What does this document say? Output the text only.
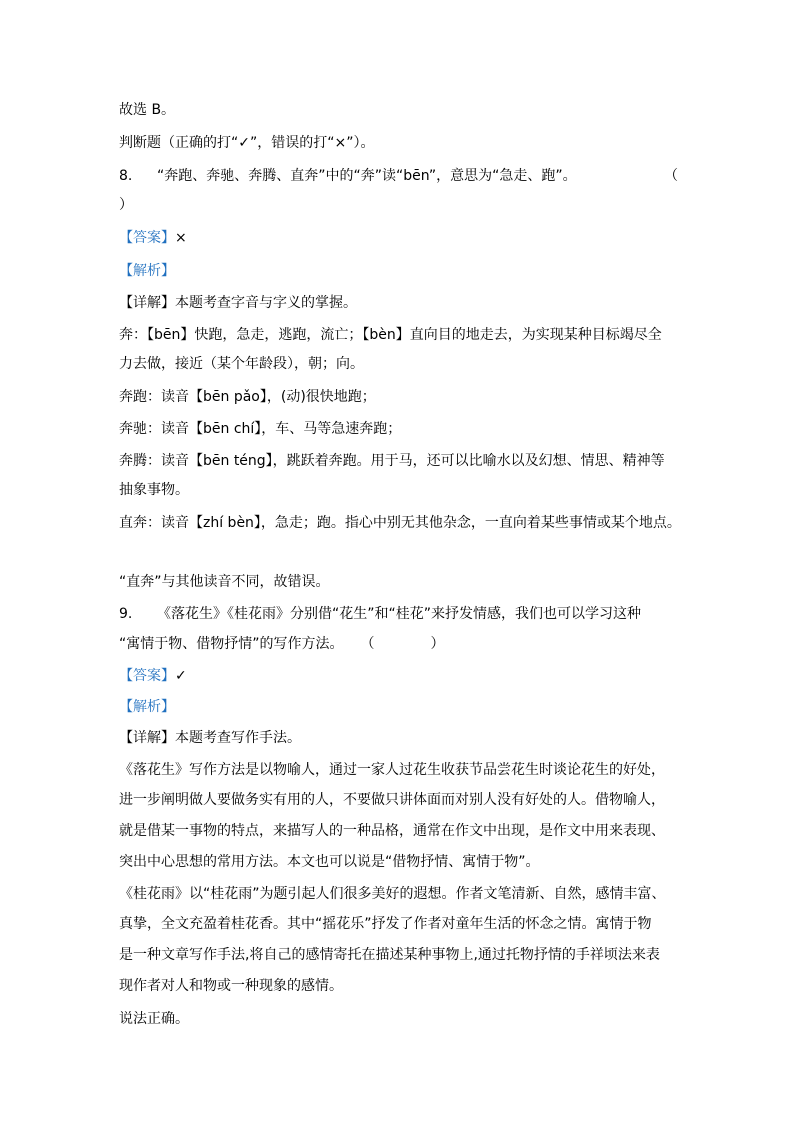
故选 B。
判断题（正确的打“✓”，错误的打“×”）。
8. “奔跑、奔驰、奔腾、直奔”中的“奔”读“bēn”，意思为“急走、跑”。	（
）
【答案】×
【解析】
【详解】本题考查字音与字义的掌握。
奔：【bēn】快跑，急走，逃跑，流亡；【bèn】直向目的地走去，为实现某种目标竭尽全
力去做，接近（某个年龄段），朝；向。
奔跑：读音【bēn pǎo】，(动)很快地跑；
奔驰：读音【bēn chí】，车、马等急速奔跑；
奔腾：读音【bēn téng】，跳跃着奔跑。用于马，还可以比喻水以及幻想、情思、精神等
抽象事物。
直奔：读音【zhí bèn】，急走；跑。指心中别无其他杂念，一直向着某些事情或某个地点。
“直奔”与其他读音不同，故错误。
9. 《落花生》《桂花雨》分别借“花生”和“桂花”来抒发情感，我们也可以学习这种
“寓情于物、借物抒情”的写作方法。 （　　　　）
【答案】✓
【解析】
【详解】本题考查写作手法。
《落花生》写作方法是以物喻人，通过一家人过花生收获节品尝花生时谈论花生的好处，
进一步阐明做人要做务实有用的人，不要做只讲体面而对别人没有好处的人。借物喻人，
就是借某一事物的特点，来描写人的一种品格，通常在作文中出现，是作文中用来表现、
突出中心思想的常用方法。本文也可以说是“借物抒情、寓情于物”。
《桂花雨》以“桂花雨”为题引起人们很多美好的遐想。作者文笔清新、自然，感情丰富、
真挚，全文充盈着桂花香。其中“摇花乐”抒发了作者对童年生活的怀念之情。寓情于物
是一种文章写作手法,将自己的感情寄托在描述某种事物上,通过托物抒情的手祥顷法来表
现作者对人和物或一种现象的感情。
说法正确。
